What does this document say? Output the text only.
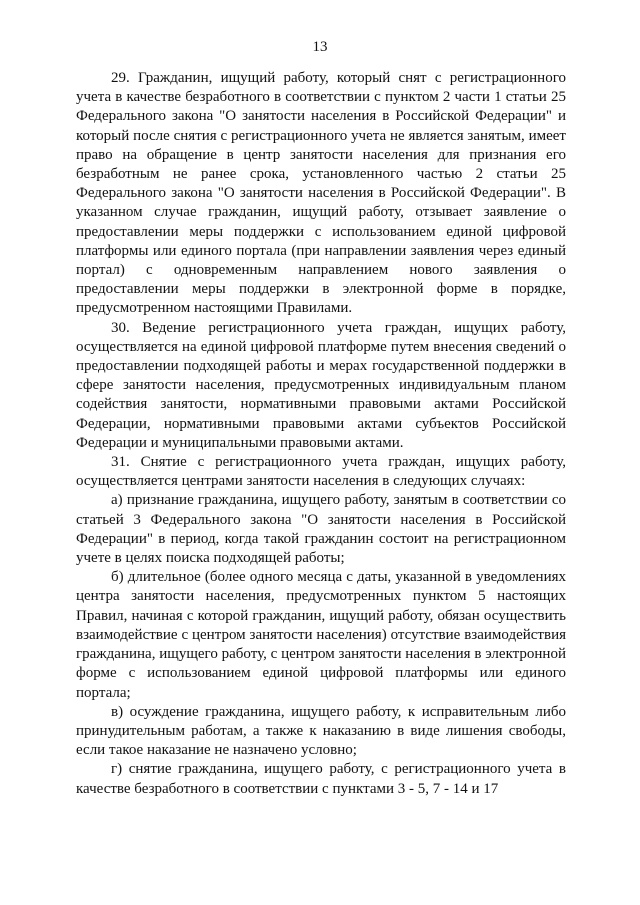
13

29. Гражданин, ищущий работу, который снят с регистрационного учета в качестве безработного в соответствии с пунктом 2 части 1 статьи 25 Федерального закона "О занятости населения в Российской Федерации" и который после снятия с регистрационного учета не является занятым, имеет право на обращение в центр занятости населения для признания его безработным не ранее срока, установленного частью 2 статьи 25 Федерального закона "О занятости населения в Российской Федерации". В указанном случае гражданин, ищущий работу, отзывает заявление о предоставлении меры поддержки с использованием единой цифровой платформы или единого портала (при направлении заявления через единый портал) с одновременным направлением нового заявления о предоставлении меры поддержки в электронной форме в порядке, предусмотренном настоящими Правилами.

30. Ведение регистрационного учета граждан, ищущих работу, осуществляется на единой цифровой платформе путем внесения сведений о предоставлении подходящей работы и мерах государственной поддержки в сфере занятости населения, предусмотренных индивидуальным планом содействия занятости, нормативными правовыми актами Российской Федерации, нормативными правовыми актами субъектов Российской Федерации и муниципальными правовыми актами.

31. Снятие с регистрационного учета граждан, ищущих работу, осуществляется центрами занятости населения в следующих случаях:

а) признание гражданина, ищущего работу, занятым в соответствии со статьей 3 Федерального закона "О занятости населения в Российской Федерации" в период, когда такой гражданин состоит на регистрационном учете в целях поиска подходящей работы;

б) длительное (более одного месяца с даты, указанной в уведомлениях центра занятости населения, предусмотренных пунктом 5 настоящих Правил, начиная с которой гражданин, ищущий работу, обязан осуществить взаимодействие с центром занятости населения) отсутствие взаимодействия гражданина, ищущего работу, с центром занятости населения в электронной форме с использованием единой цифровой платформы или единого портала;

в) осуждение гражданина, ищущего работу, к исправительным либо принудительным работам, а также к наказанию в виде лишения свободы, если такое наказание не назначено условно;

г) снятие гражданина, ищущего работу, с регистрационного учета в качестве безработного в соответствии с пунктами 3 - 5, 7 - 14 и 17
